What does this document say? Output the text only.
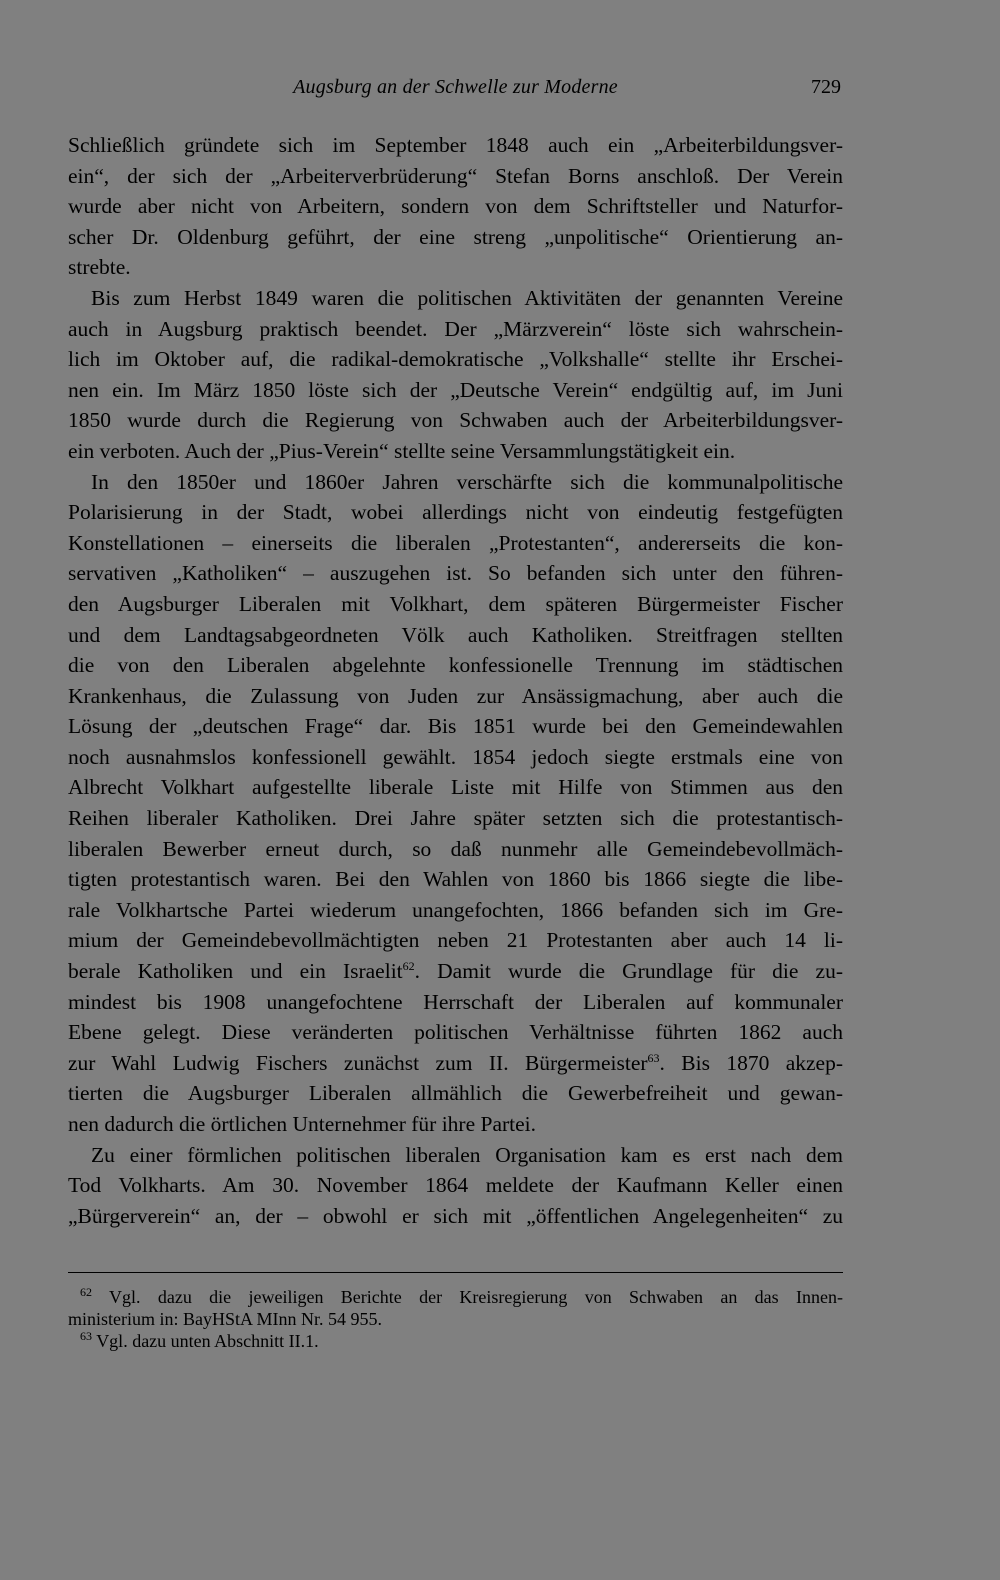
Augsburg an der Schwelle zur Moderne	729
Schließlich gründete sich im September 1848 auch ein „Arbeiterbildungsver-
ein“, der sich der „Arbeiterverbrüderung“ Stefan Borns anschloß. Der Verein
wurde aber nicht von Arbeitern, sondern von dem Schriftsteller und Naturfor-
scher Dr. Oldenburg geführt, der eine streng „unpolitische“ Orientierung an-
strebte.
Bis zum Herbst 1849 waren die politischen Aktivitäten der genannten Vereine
auch in Augsburg praktisch beendet. Der „Märzverein“ löste sich wahrschein-
lich im Oktober auf, die radikal-demokratische „Volkshalle“ stellte ihr Erschei-
nen ein. Im März 1850 löste sich der „Deutsche Verein“ endgültig auf, im Juni
1850 wurde durch die Regierung von Schwaben auch der Arbeiterbildungsver-
ein verboten. Auch der „Pius-Verein“ stellte seine Versammlungstätigkeit ein.
In den 1850er und 1860er Jahren verschärfte sich die kommunalpolitische
Polarisierung in der Stadt, wobei allerdings nicht von eindeutig festgefügten
Konstellationen – einerseits die liberalen „Protestanten“, andererseits die kon-
servativen „Katholiken“ – auszugehen ist. So befanden sich unter den führen-
den Augsburger Liberalen mit Volkhart, dem späteren Bürgermeister Fischer
und dem Landtagsabgeordneten Völk auch Katholiken. Streitfragen stellten
die von den Liberalen abgelehnte konfessionelle Trennung im städtischen
Krankenhaus, die Zulassung von Juden zur Ansässigmachung, aber auch die
Lösung der „deutschen Frage“ dar. Bis 1851 wurde bei den Gemeindewahlen
noch ausnahmslos konfessionell gewählt. 1854 jedoch siegte erstmals eine von
Albrecht Volkhart aufgestellte liberale Liste mit Hilfe von Stimmen aus den
Reihen liberaler Katholiken. Drei Jahre später setzten sich die protestantisch-
liberalen Bewerber erneut durch, so daß nunmehr alle Gemeindebevollmäch-
tigten protestantisch waren. Bei den Wahlen von 1860 bis 1866 siegte die libe-
rale Volkhartsche Partei wiederum unangefochten, 1866 befanden sich im Gre-
mium der Gemeindebevollmächtigten neben 21 Protestanten aber auch 14 li-
berale Katholiken und ein Israelit$^{62}$. Damit wurde die Grundlage für die zu-
mindest bis 1908 unangefochtene Herrschaft der Liberalen auf kommunaler
Ebene gelegt. Diese veränderten politischen Verhältnisse führten 1862 auch
zur Wahl Ludwig Fischers zunächst zum II. Bürgermeister$^{63}$. Bis 1870 akzep-
tierten die Augsburger Liberalen allmählich die Gewerbefreiheit und gewan-
nen dadurch die örtlichen Unternehmer für ihre Partei.
Zu einer förmlichen politischen liberalen Organisation kam es erst nach dem
Tod Volkharts. Am 30. November 1864 meldete der Kaufmann Keller einen
„Bürgerverein“ an, der – obwohl er sich mit „öffentlichen Angelegenheiten“ zu
$^{62}$ Vgl. dazu die jeweiligen Berichte der Kreisregierung von Schwaben an das Innen-
ministerium in: BayHStA MInn Nr. 54 955.
$^{63}$ Vgl. dazu unten Abschnitt II.1.
